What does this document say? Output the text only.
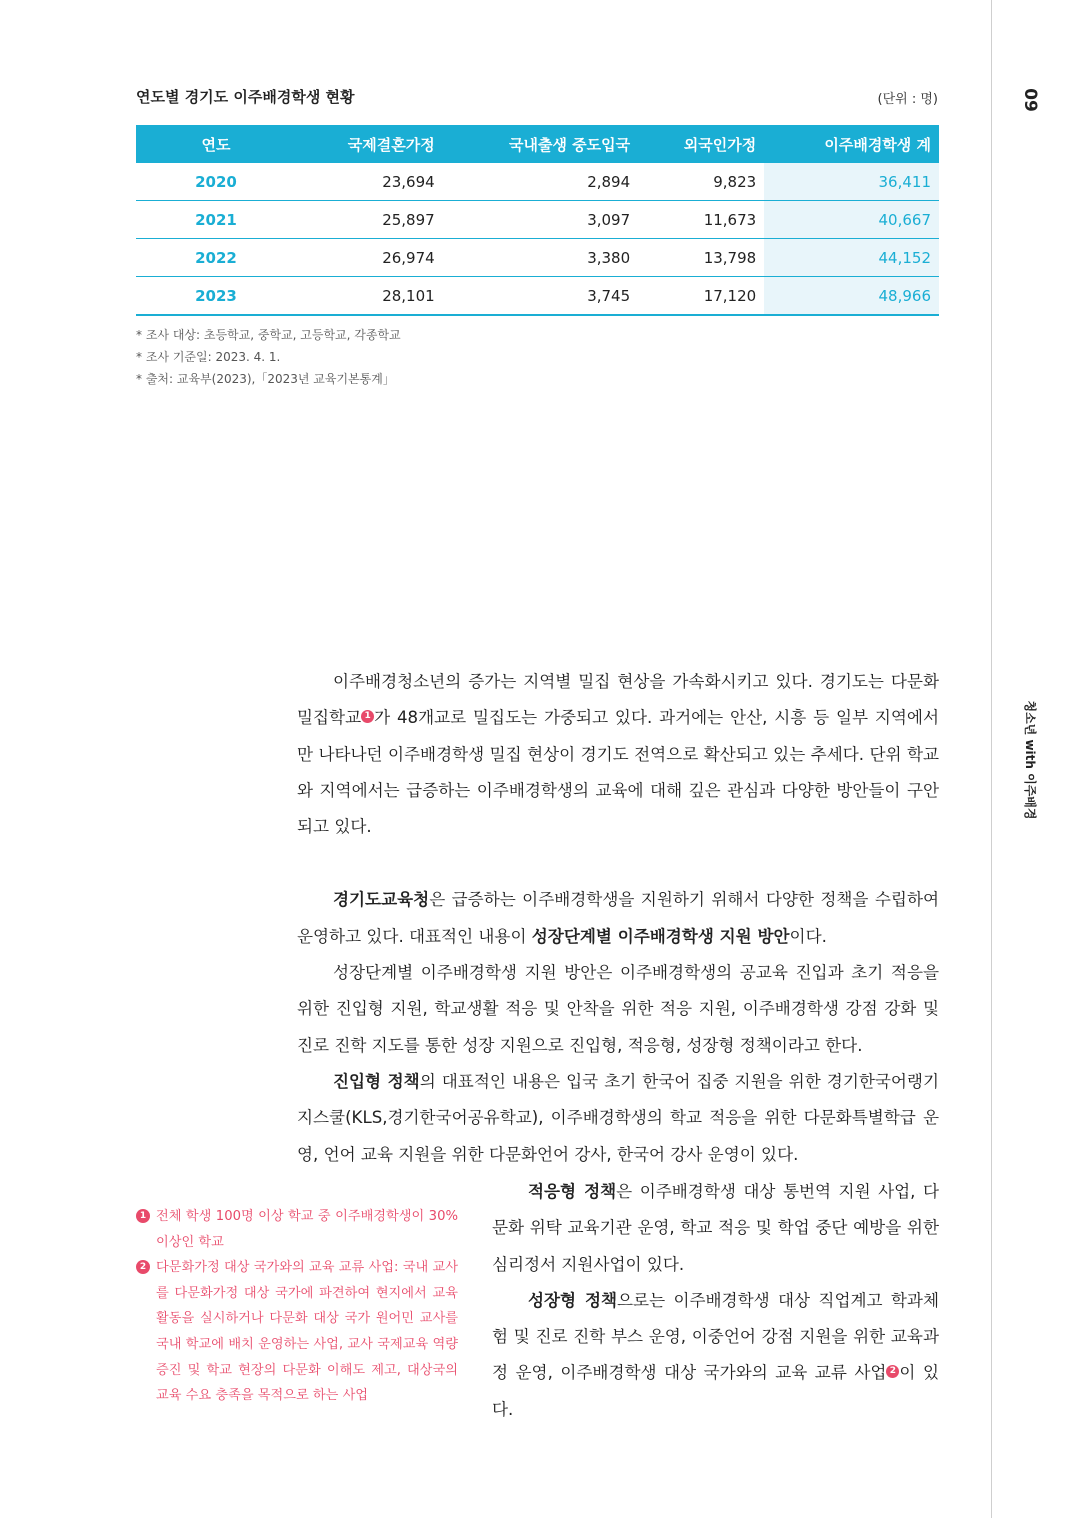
09
청소년 with 이주배경
연도별 경기도 이주배경학생 현황	(단위 : 명)
연도	국제결혼가정	국내출생 중도입국	외국인가정	이주배경학생 계
2020	23,694	2,894	9,823	36,411
2021	25,897	3,097	11,673	40,667
2022	26,974	3,380	13,798	44,152
2023	28,101	3,745	17,120	48,966
* 조사 대상: 초등학교, 중학교, 고등학교, 각종학교
* 조사 기준일: 2023. 4. 1.
* 출처: 교육부(2023),「2023년 교육기본통계」

이주배경청소년의 증가는 지역별 밀집 현상을 가속화시키고 있다. 경기도는 다문화 밀집학교 1 가 48개교로 밀집도는 가중되고 있다. 과거에는 안산, 시흥 등 일부 지역에서만 나타나던 이주배경학생 밀집 현상이 경기도 전역으로 확산되고 있는 추세다. 단위 학교와 지역에서는 급증하는 이주배경학생의 교육에 대해 깊은 관심과 다양한 방안들이 구안되고 있다.

경기도교육청은 급증하는 이주배경학생을 지원하기 위해서 다양한 정책을 수립하여 운영하고 있다. 대표적인 내용이 성장단계별 이주배경학생 지원 방안이다.

성장단계별 이주배경학생 지원 방안은 이주배경학생의 공교육 진입과 초기 적응을 위한 진입형 지원, 학교생활 적응 및 안착을 위한 적응 지원, 이주배경학생 강점 강화 및 진로 진학 지도를 통한 성장 지원으로 진입형, 적응형, 성장형 정책이라고 한다.

진입형 정책의 대표적인 내용은 입국 초기 한국어 집중 지원을 위한 경기한국어랭기지스쿨(KLS,경기한국어공유학교), 이주배경학생의 학교 적응을 위한 다문화특별학급 운영, 언어 교육 지원을 위한 다문화언어 강사, 한국어 강사 운영이 있다.

적응형 정책은 이주배경학생 대상 통번역 지원 사업, 다문화 위탁 교육기관 운영, 학교 적응 및 학업 중단 예방을 위한 심리정서 지원사업이 있다.

성장형 정책으로는 이주배경학생 대상 직업계고 학과체험 및 진로 진학 부스 운영, 이중언어 강점 지원을 위한 교육과정 운영, 이주배경학생 대상 국가와의 교육 교류 사업 2 이 있다.

1 전체 학생 100명 이상 학교 중 이주배경학생이 30% 이상인 학교
2 다문화가정 대상 국가와의 교육 교류 사업: 국내 교사를 다문화가정 대상 국가에 파견하여 현지에서 교육 활동을 실시하거나 다문화 대상 국가 원어민 교사를 국내 학교에 배치 운영하는 사업, 교사 국제교육 역량 증진 및 학교 현장의 다문화 이해도 제고, 대상국의 교육 수요 충족을 목적으로 하는 사업
